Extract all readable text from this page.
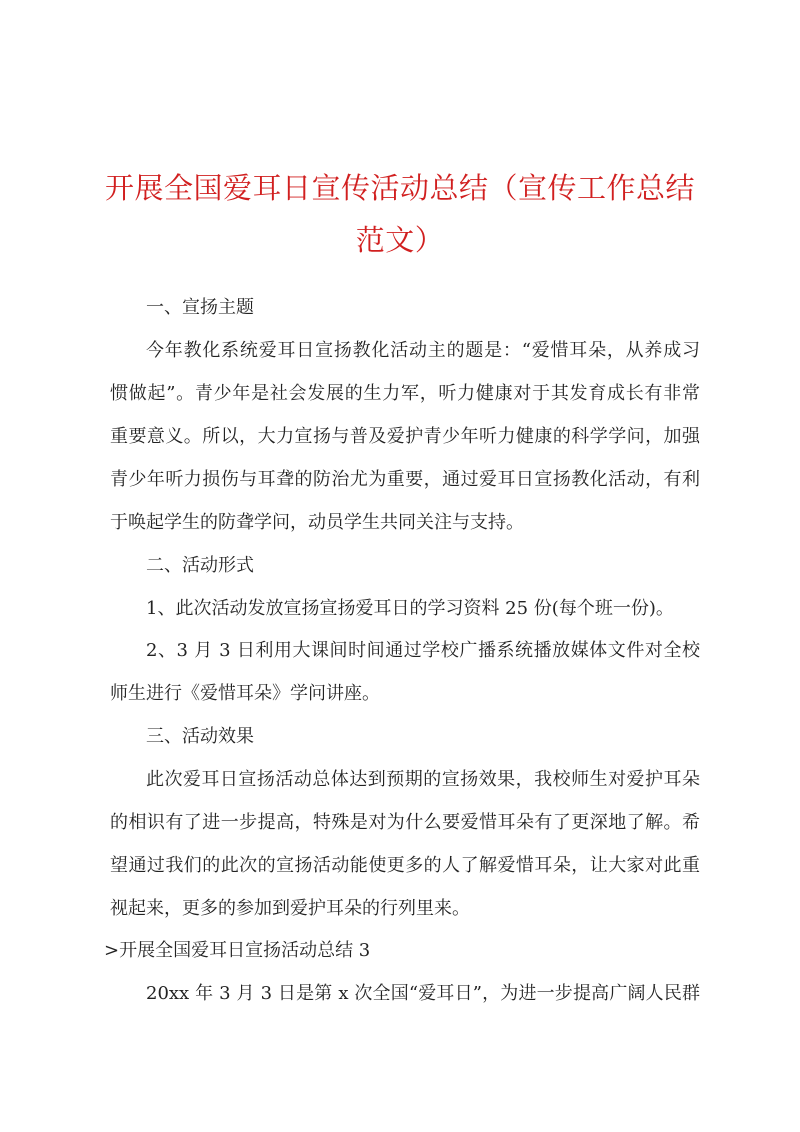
开展全国爱耳日宣传活动总结（宣传工作总结
范文）
一、宣扬主题
今年教化系统爱耳日宣扬教化活动主的题是：“爱惜耳朵，从养成习
惯做起”。青少年是社会发展的生力军，听力健康对于其发育成长有非常
重要意义。所以，大力宣扬与普及爱护青少年听力健康的科学学问，加强
青少年听力损伤与耳聋的防治尤为重要，通过爱耳日宣扬教化活动，有利
于唤起学生的防聋学问，动员学生共同关注与支持。
二、活动形式
1、此次活动发放宣扬宣扬爱耳日的学习资料 25 份(每个班一份)。
2、3 月 3 日利用大课间时间通过学校广播系统播放媒体文件对全校
师生进行《爱惜耳朵》学问讲座。
三、活动效果
此次爱耳日宣扬活动总体达到预期的宣扬效果，我校师生对爱护耳朵
的相识有了进一步提高，特殊是对为什么要爱惜耳朵有了更深地了解。希
望通过我们的此次的宣扬活动能使更多的人了解爱惜耳朵，让大家对此重
视起来，更多的参加到爱护耳朵的行列里来。
>开展全国爱耳日宣扬活动总结 3
20xx 年 3 月 3 日是第 x 次全国“爱耳日”，为进一步提高广阔人民群
